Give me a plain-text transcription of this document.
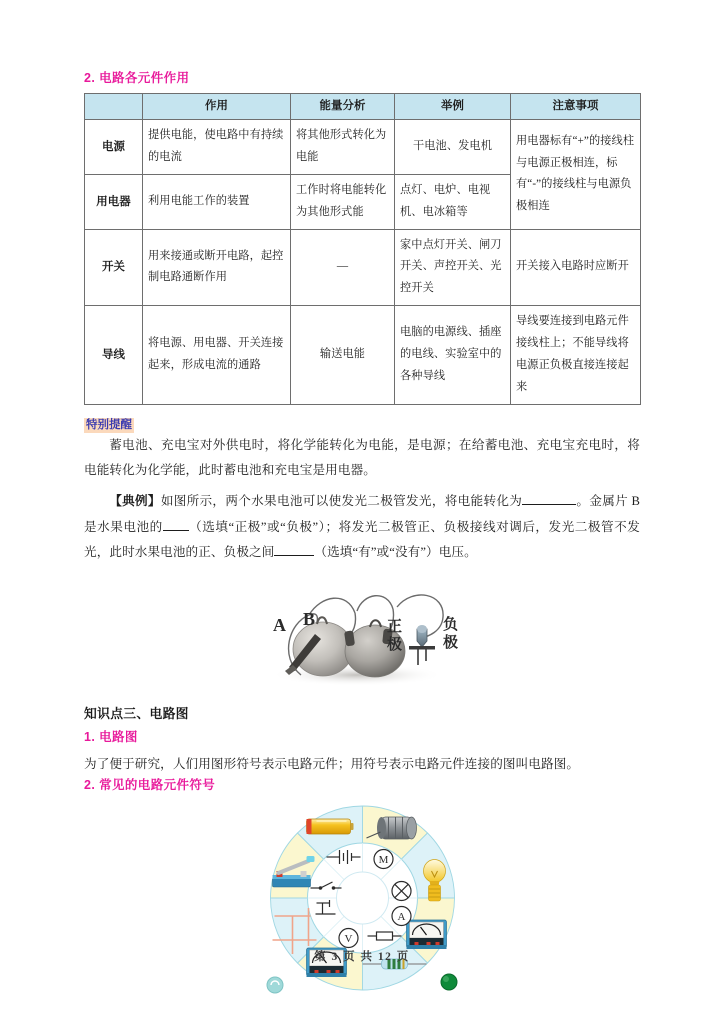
2. 电路各元件作用
	作用	能量分析	举例	注意事项
电源	提供电能，使电路中有持续的电流	将其他形式转化为电能	干电池、发电机	用电器标有“+”的接线柱与电源正极相连，标有“-”的接线柱与电源负极相连
用电器	利用电能工作的装置	工作时将电能转化为其他形式能	点灯、电炉、电视机、电冰箱等	
开关	用来接通或断开电路，起控制电路通断作用	—	家中点灯开关、闸刀开关、声控开关、光控开关	开关接入电路时应断开
导线	将电源、用电器、开关连接起来，形成电流的通路	输送电能	电脑的电源线、插座的电线、实验室中的各种导线	导线要连接到电路元件接线柱上；不能导线将电源正负极直接连接起来
特别提醒

蓄电池、充电宝对外供电时，将化学能转化为电能，是电源；在给蓄电池、充电宝充电时，将电能转化为化学能，此时蓄电池和充电宝是用电器。

【典例】如图所示，两个水果电池可以使发光二极管发光，将电能转化为	。金属片 B 是水果电池的 （选填“正极”或“负极”）；将发光二极管正、负极接线对调后，发光二极管不发光，此时水果电池的正、负极之间	（选填“有”或“没有”）电压。

A B	正
极
负
极
知识点三、电路图
1. 电路图

为了便于研究，人们用图形符号表示电路元件；用符号表示电路元件连接的图叫电路图。

2. 常见的电路元件符号
M
A
V
第 3 页 共 12 页
